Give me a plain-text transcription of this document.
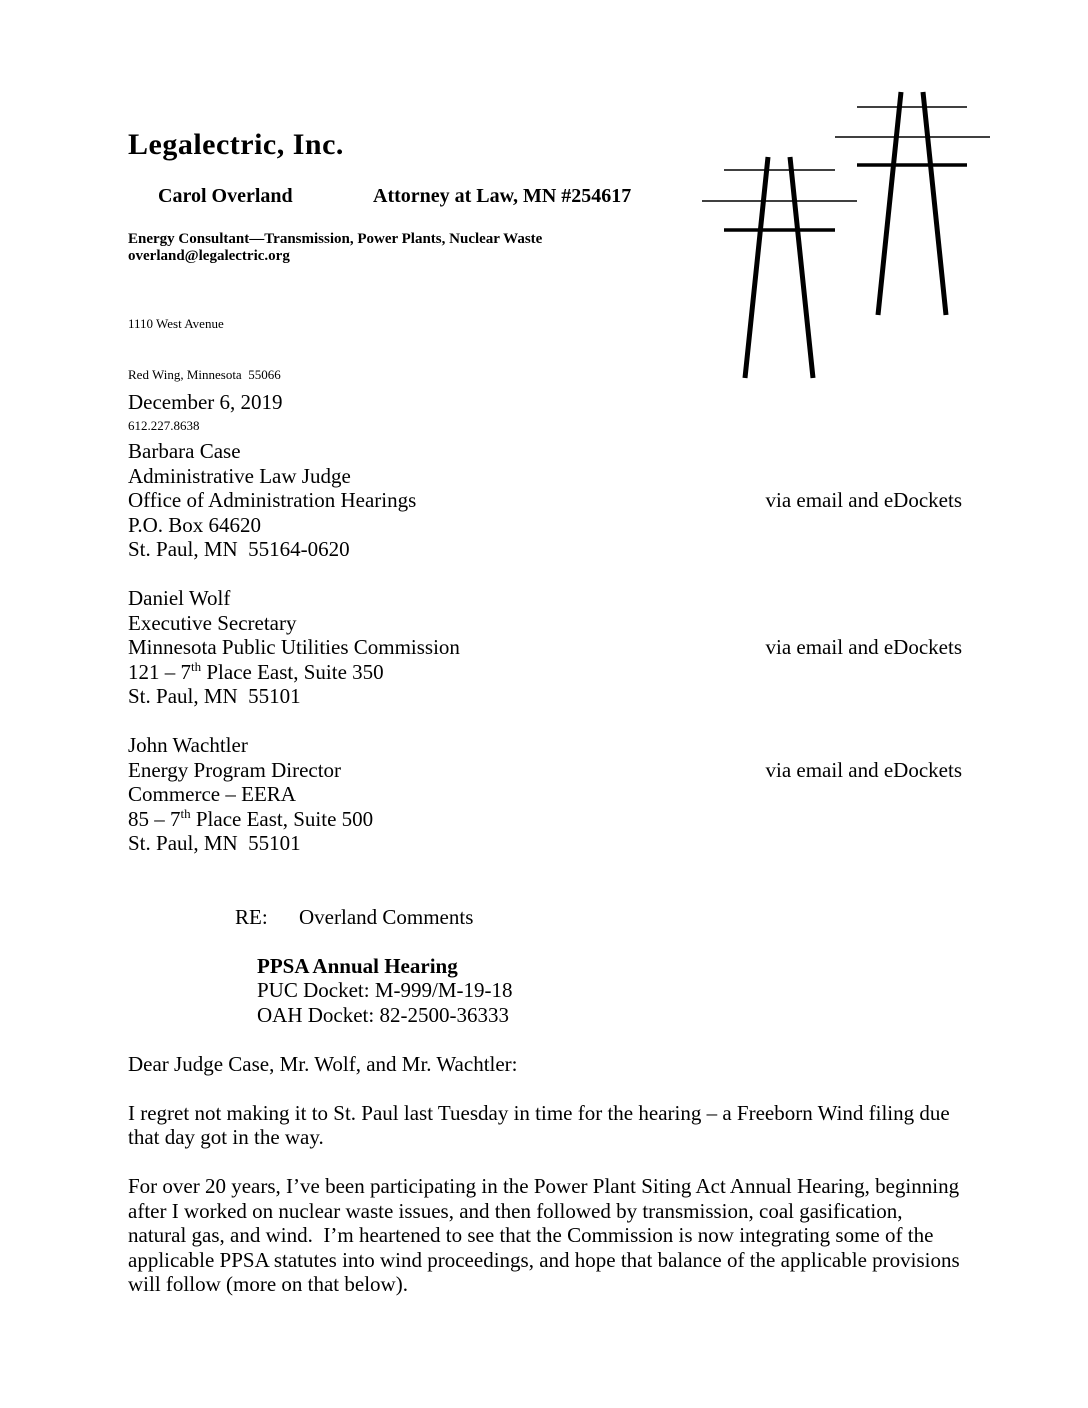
Legalectric, Inc.

Carol Overland	Attorney at Law, MN #254617

Energy Consultant—Transmission, Power Plants, Nuclear Waste
overland@legalectric.org

1110 West Avenue

Red Wing, Minnesota  55066

612.227.8638

December 6, 2019
Barbara Case
Administrative Law Judge
Office of Administration Hearings	via email and eDockets
P.O. Box 64620
St. Paul, MN  55164-0620
Daniel Wolf
Executive Secretary
Minnesota Public Utilities Commission	via email and eDockets
121 – 7th Place East, Suite 350
St. Paul, MN  55101
John Wachtler
Energy Program Director	via email and eDockets
Commerce – EERA
85 – 7th Place East, Suite 500
St. Paul, MN  55101

RE: Overland Comments

PPSA Annual Hearing
PUC Docket: M-999/M-19-18
OAH Docket: 82-2500-36333
Dear Judge Case, Mr. Wolf, and Mr. Wachtler:

I regret not making it to St. Paul last Tuesday in time for the hearing – a Freeborn Wind filing due that day got in the way.

For over 20 years, I’ve been participating in the Power Plant Siting Act Annual Hearing, beginning after I worked on nuclear waste issues, and then followed by transmission, coal gasification, natural gas, and wind.  I’m heartened to see that the Commission is now integrating some of the applicable PPSA statutes into wind proceedings, and hope that balance of the applicable provisions will follow (more on that below).
